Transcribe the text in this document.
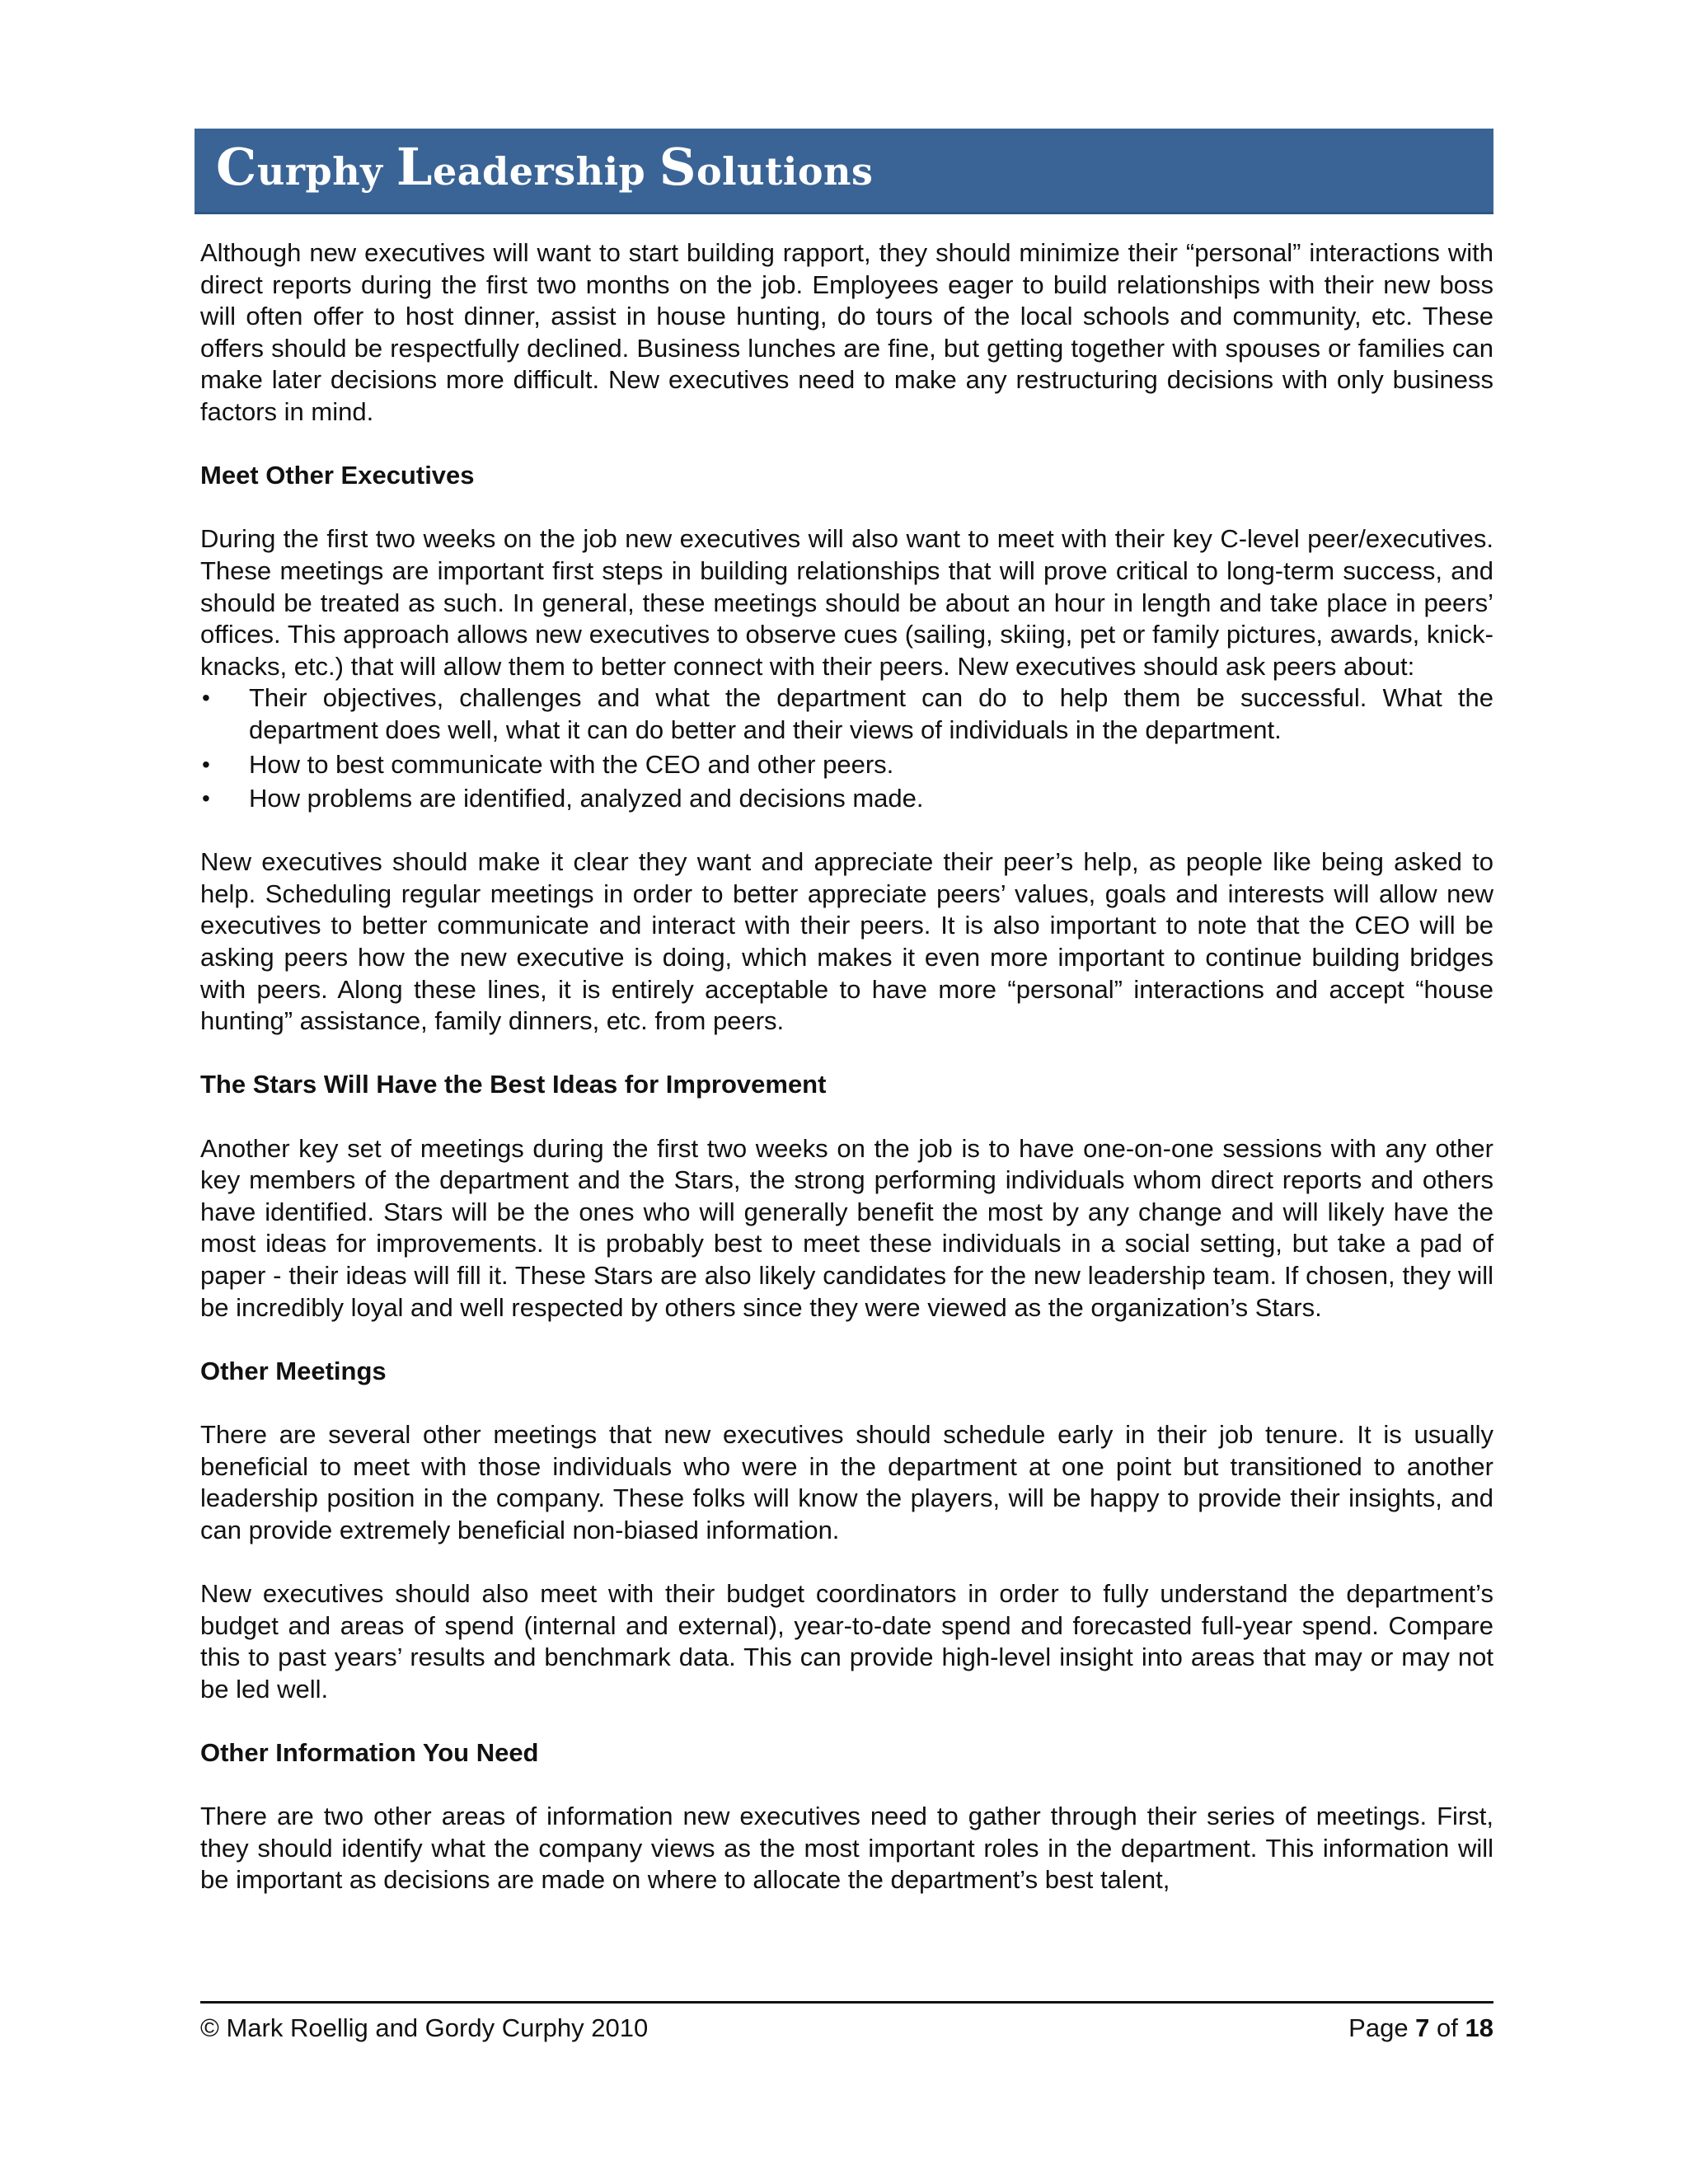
Curphy Leadership Solutions

Although new executives will want to start building rapport, they should minimize their “personal” interactions with direct reports during the first two months on the job. Employees eager to build relationships with their new boss will often offer to host dinner, assist in house hunting, do tours of the local schools and community, etc. These offers should be respectfully declined. Business lunches are fine, but getting together with spouses or families can make later decisions more difficult. New executives need to make any restructuring decisions with only business factors in mind.

Meet Other Executives

During the first two weeks on the job new executives will also want to meet with their key C-level peer/executives. These meetings are important first steps in building relationships that will prove critical to long-term success, and should be treated as such. In general, these meetings should be about an hour in length and take place in peers’ offices. This approach allows new executives to observe cues (sailing, skiing, pet or family pictures, awards, knick-knacks, etc.) that will allow them to better connect with their peers. New executives should ask peers about:

• Their objectives, challenges and what the department can do to help them be successful. What the department does well, what it can do better and their views of individuals in the department.
• How to best communicate with the CEO and other peers.
• How problems are identified, analyzed and decisions made.

New executives should make it clear they want and appreciate their peer’s help, as people like being asked to help. Scheduling regular meetings in order to better appreciate peers’ values, goals and interests will allow new executives to better communicate and interact with their peers. It is also important to note that the CEO will be asking peers how the new executive is doing, which makes it even more important to continue building bridges with peers. Along these lines, it is entirely acceptable to have more “personal” interactions and accept “house hunting” assistance, family dinners, etc. from peers.

The Stars Will Have the Best Ideas for Improvement

Another key set of meetings during the first two weeks on the job is to have one-on-one sessions with any other key members of the department and the Stars, the strong performing individuals whom direct reports and others have identified. Stars will be the ones who will generally benefit the most by any change and will likely have the most ideas for improvements. It is probably best to meet these individuals in a social setting, but take a pad of paper - their ideas will fill it. These Stars are also likely candidates for the new leadership team. If chosen, they will be incredibly loyal and well respected by others since they were viewed as the organization’s Stars.

Other Meetings

There are several other meetings that new executives should schedule early in their job tenure. It is usually beneficial to meet with those individuals who were in the department at one point but transitioned to another leadership position in the company. These folks will know the players, will be happy to provide their insights, and can provide extremely beneficial non-biased information.

New executives should also meet with their budget coordinators in order to fully understand the department’s budget and areas of spend (internal and external), year-to-date spend and forecasted full-year spend. Compare this to past years’ results and benchmark data. This can provide high-level insight into areas that may or may not be led well.

Other Information You Need

There are two other areas of information new executives need to gather through their series of meetings. First, they should identify what the company views as the most important roles in the department. This information will be important as decisions are made on where to allocate the department’s best talent,

© Mark Roellig and Gordy Curphy 2010	Page 7 of 18
